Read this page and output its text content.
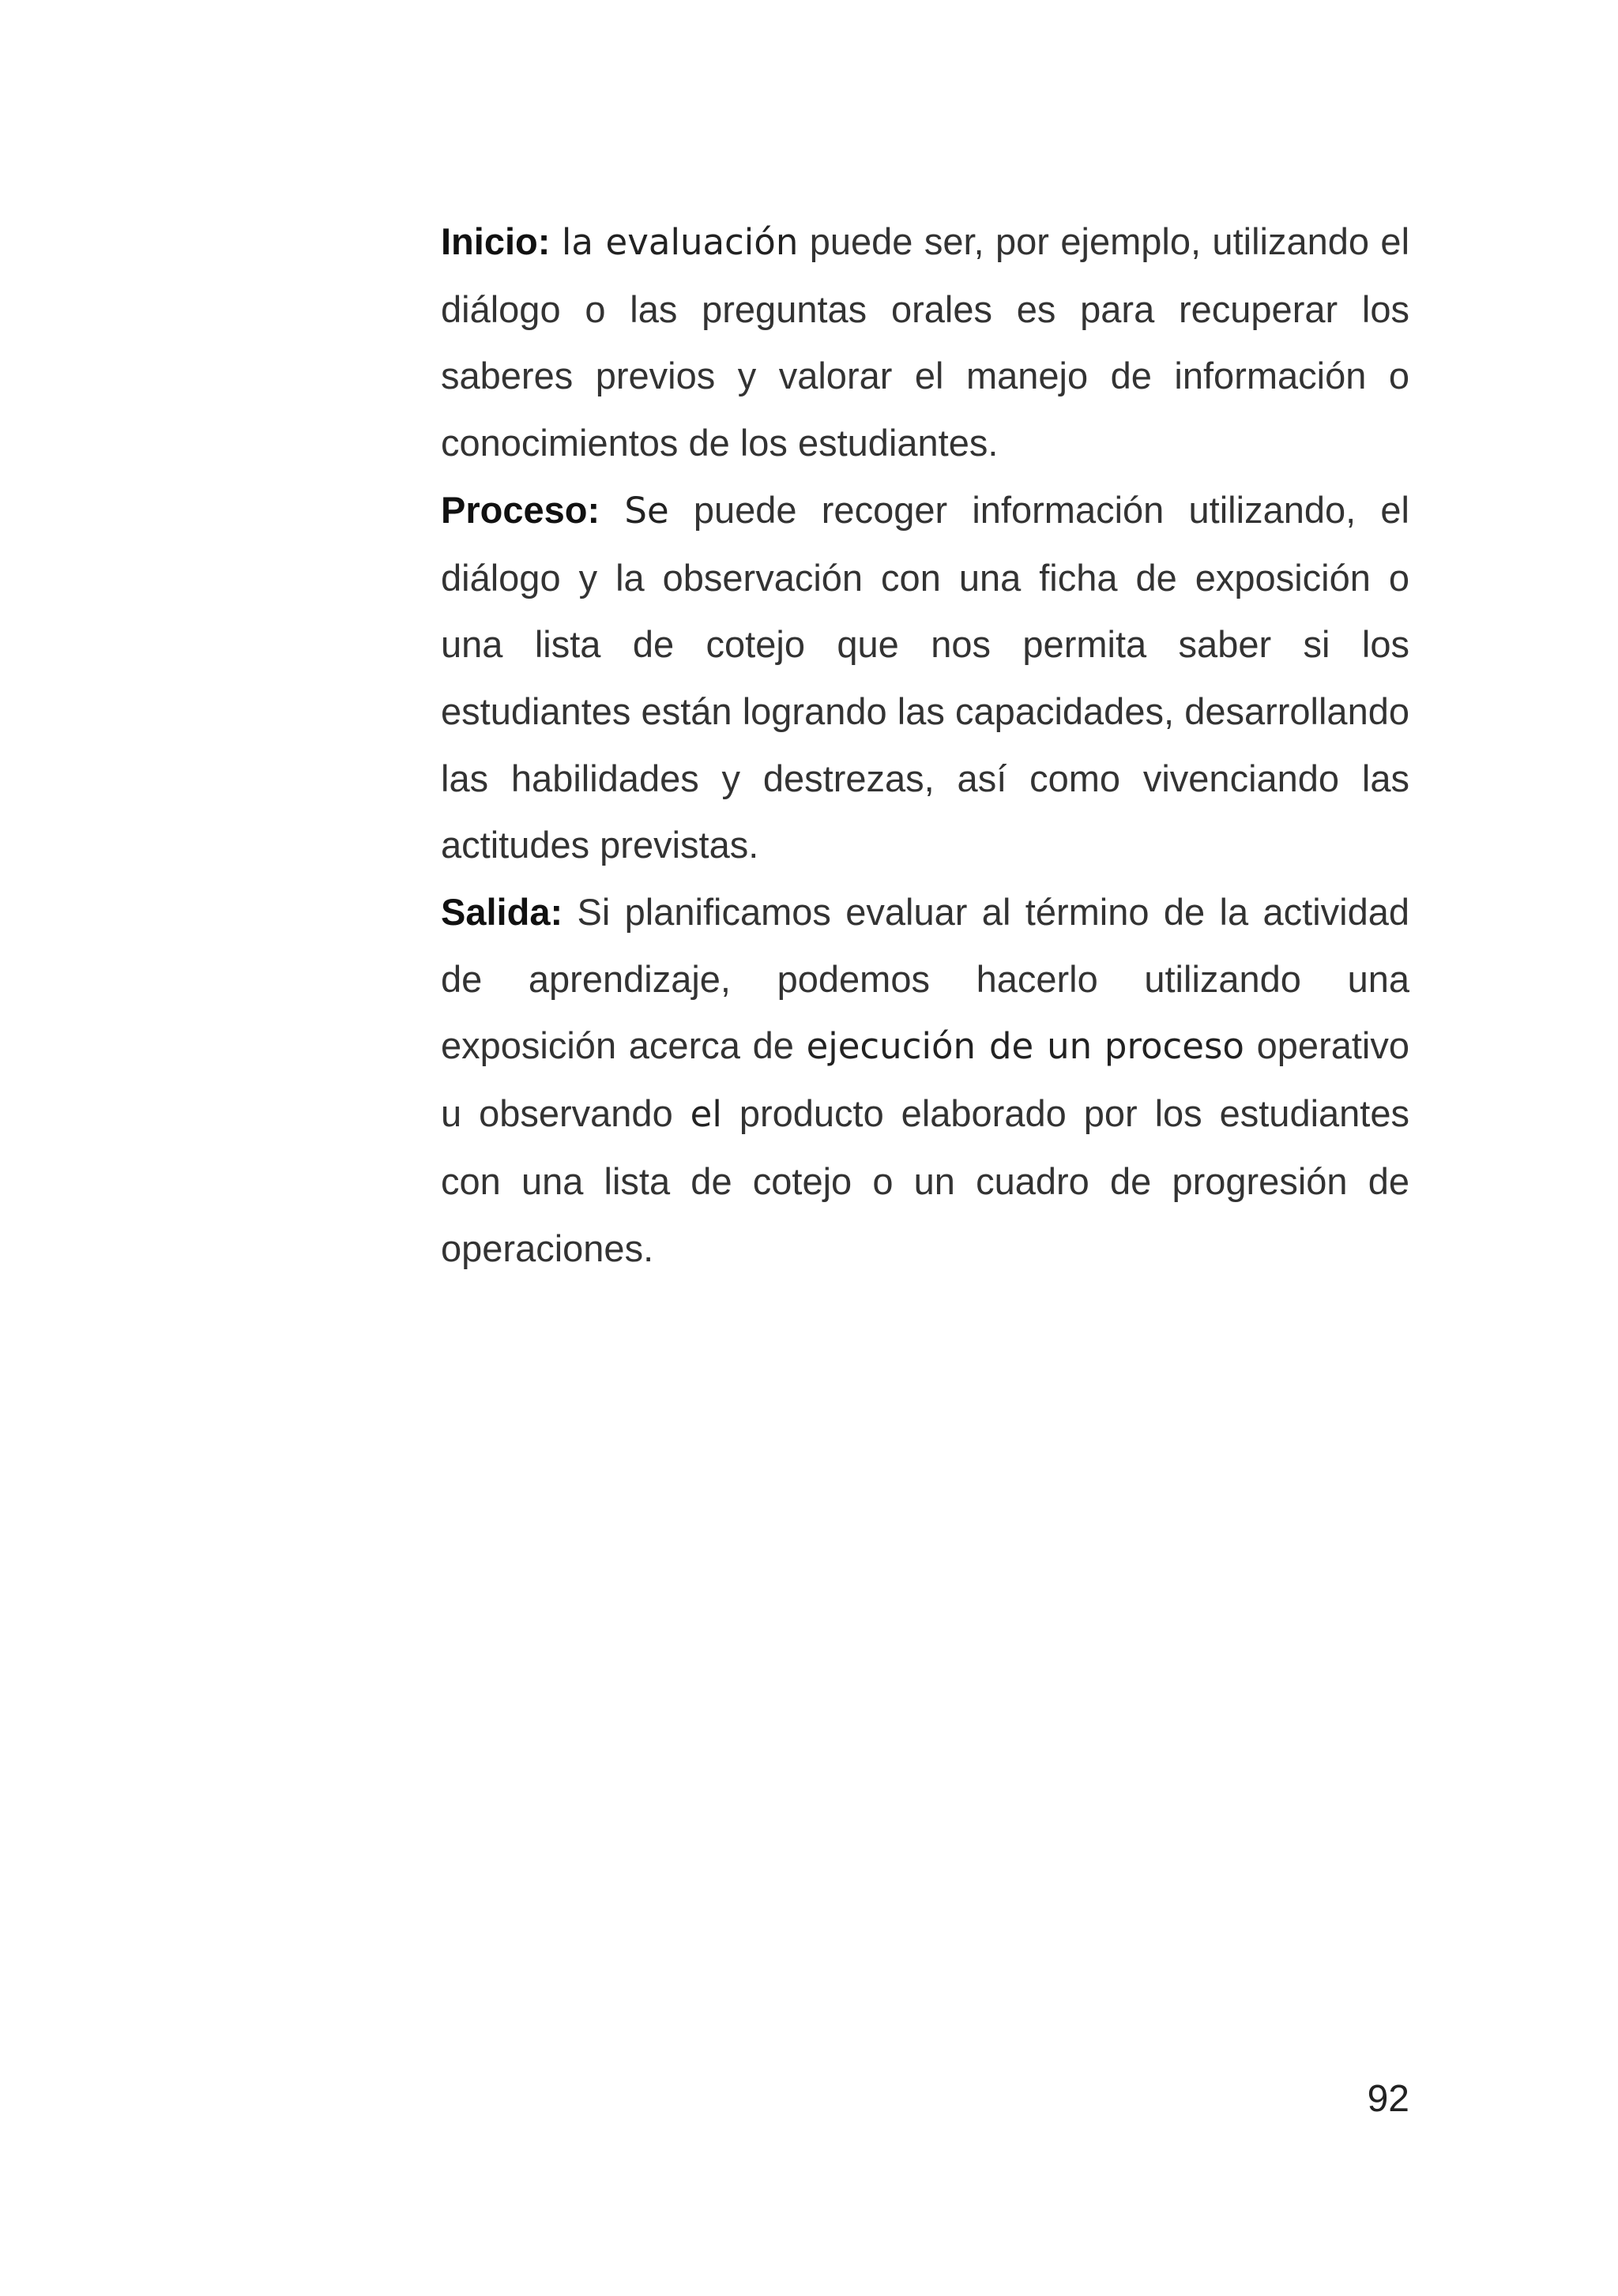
Inicio: la evaluación puede ser, por ejemplo, utilizando el diálogo o las preguntas orales es para recuperar los saberes previos y valorar el manejo de información o conocimientos de los estudiantes.

Proceso: Se puede recoger información utilizando, el diálogo y la observación con una ficha de exposición o una lista de cotejo que nos permita saber si los estudiantes están logrando las capacidades, desarrollando las habilidades y destrezas, así como vivenciando las actitudes previstas.

Salida: Si planificamos evaluar al término de la actividad de aprendizaje, podemos hacerlo utilizando una exposición acerca de ejecución de un proceso operativo u observando el producto elaborado por los estudiantes con una lista de cotejo o un cuadro de progresión de operaciones.

92
